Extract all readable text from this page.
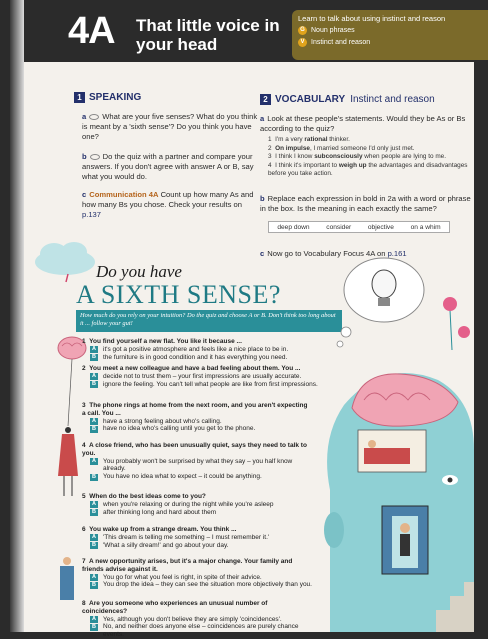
4A That little voice in
your head
Learn to talk about using instinct and reason
G Noun phrases
V Instinct and reason
1 SPEAKING
a What are your five senses? What do you think is meant by a 'sixth sense'? Do you think you have one?
b Do the quiz with a partner and compare your answers. If you don't agree with answer A or B, say what you would do.
c Communication 4A Count up how many As and how many Bs you chose. Check your results on p.137
2 VOCABULARY Instinct and reason
a Look at these people's statements. Would they be As or Bs according to the quiz?
1 I'm a very rational thinker.
2 On impulse, I married someone I'd only just met.
3 I think I know subconsciously when people are lying to me.
4 I think it's important to weigh up the advantages and disadvantages before you take action.
b Replace each expression in bold in 2a with a word or phrase in the box. Is the meaning in each exactly the same?
deep down	consider	objective	on a whim
c Now go to Vocabulary Focus 4A on p.161
Do you have
A SIXTH SENSE?
How much do you rely on your intuition? Do the quiz and choose A or B. Don't think too long about it ... follow your gut!
1 You find yourself a new flat. You like it because ...
A	it's got a positive atmosphere and feels like a nice place to be in.
B	the furniture is in good condition and it has everything you need.
2 You meet a new colleague and have a bad feeling about them. You ...
A	decide not to trust them – your first impressions are usually accurate.
B	ignore the feeling. You can't tell what people are like from first impressions.
3 The phone rings at home from the next room, and you aren't expecting a call. You ...
A	have a strong feeling about who's calling.
B	have no idea who's calling until you get to the phone.
4 A close friend, who has been unusually quiet, says they need to talk to you.
A	You probably won't be surprised by what they say – you half know already.
B	You have no idea what to expect – it could be anything.
5 When do the best ideas come to you?
A	when you're relaxing or during the night while you're asleep
B	after thinking long and hard about them
6 You wake up from a strange dream. You think ...
A	'This dream is telling me something – I must remember it.'
B	'What a silly dream!' and go about your day.
7 A new opportunity arises, but it's a major change. Your family and friends advise against it.
A	You go for what you feel is right, in spite of their advice.
B	You drop the idea – they can see the situation more objectively than you.
8 Are you someone who experiences an unusual number of coincidences?
A	Yes, although you don't believe they are simply 'coincidences'.
B	No, and neither does anyone else – coincidences are purely chance events.
